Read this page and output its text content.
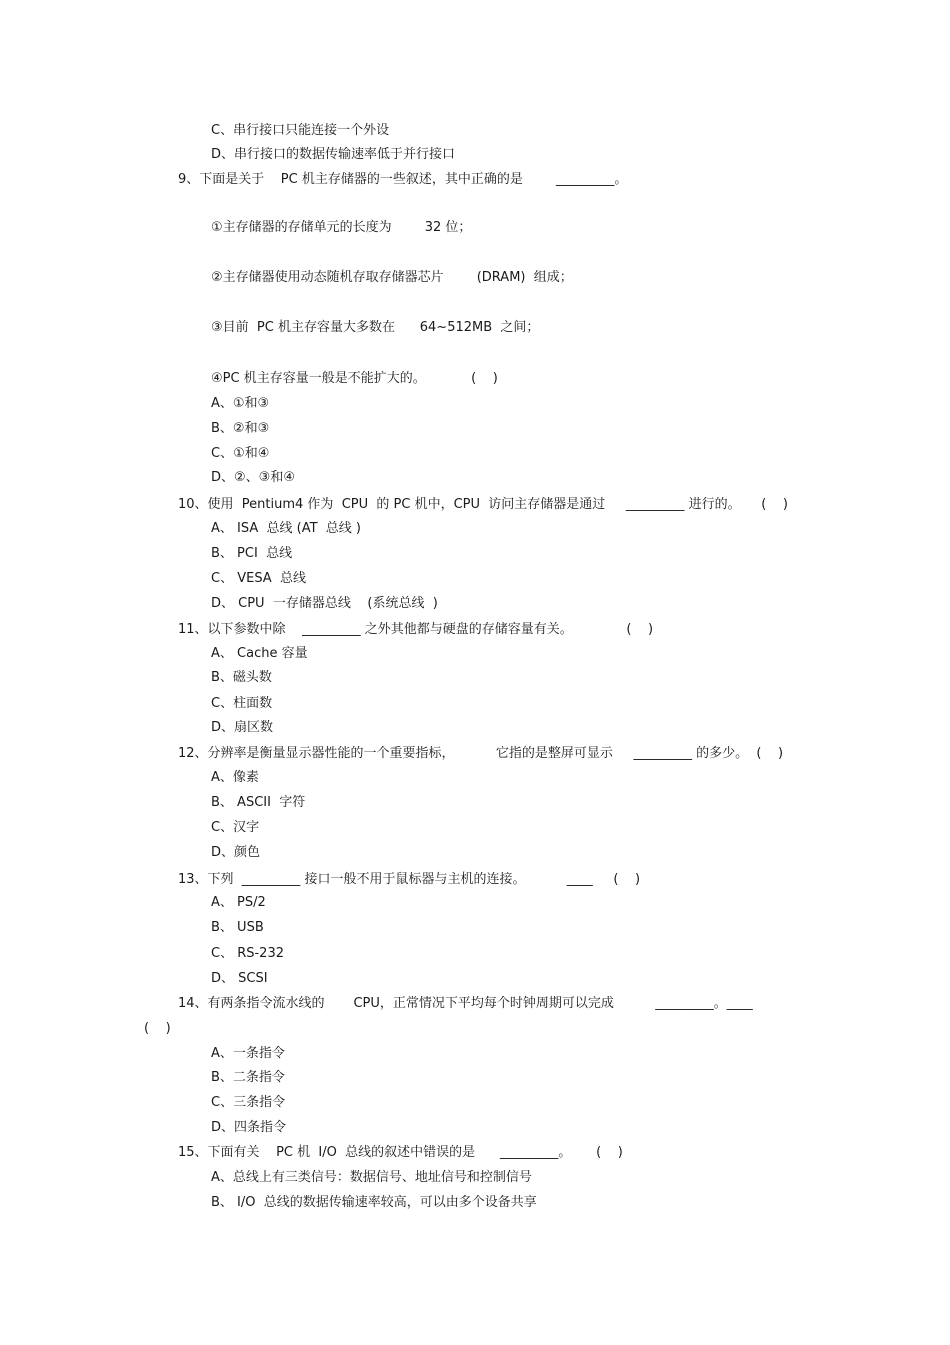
C、串行接口只能连接一个外设
D、串行接口的数据传输速率低于并行接口
9、下面是关于    PC 机主存储器的一些叙述，其中正确的是        _________。
①主存储器的存储单元的长度为        32 位；
②主存储器使用动态随机存取存储器芯片        (DRAM)  组成；
③目前  PC 机主存容量大多数在      64~512MB  之间；
④PC 机主存容量一般是不能扩大的。           (    )
A、①和③
B、②和③
C、①和④
D、②、③和④
10、使用  Pentium4 作为  CPU  的 PC 机中，CPU  访问主存储器是通过     _________ 进行的。     (    )
A、 ISA  总线 (AT  总线 )
B、 PCI  总线
C、 VESA  总线
D、 CPU  一存储器总线    (系统总线  )
11、以下参数中除    _________ 之外其他都与硬盘的存储容量有关。             (    )
A、 Cache 容量
B、磁头数
C、柱面数
D、扇区数
12、分辨率是衡量显示器性能的一个重要指标，          它指的是整屏可显示     _________ 的多少。  (    )
A、像素
B、 ASCII  字符
C、汉字
D、颜色
13、下列  _________ 接口一般不用于鼠标器与主机的连接。          ____     (    )
A、 PS/2
B、 USB
C、 RS-232
D、 SCSI
14、有两条指令流水线的       CPU，正常情况下平均每个时钟周期可以完成          _________。____
(    )
A、一条指令
B、二条指令
C、三条指令
D、四条指令
15、下面有关    PC 机  I/O  总线的叙述中错误的是      _________。      (    )
A、总线上有三类信号：数据信号、地址信号和控制信号
B、 I/O  总线的数据传输速率较高，可以由多个设备共享
